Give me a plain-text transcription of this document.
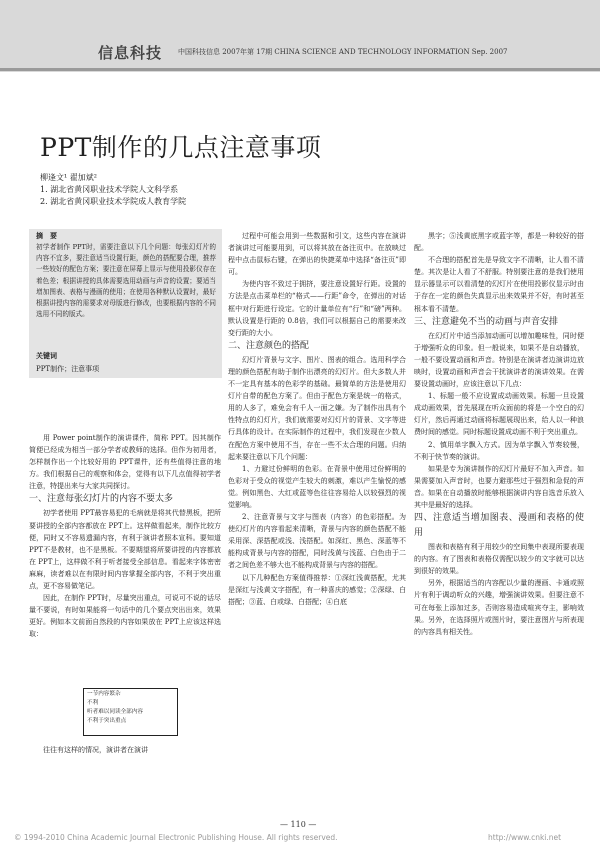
信息科技 中国科技信息 2007年第 17期 CHINA SCIENCE AND TECHNOLOGY INFORMATION Sep. 2007
PPT制作的几点注意事项
柳逢文¹ 翟加斌²
1. 湖北省黄冈职业技术学院人文科学系
2. 湖北省黄冈职业技术学院成人教育学院
摘　要
初学者制作 PPT时，需要注意以下几个问题：每张幻灯片的内容不宜多，要注意适当设置行距，颜色的搭配要合理，推荐一些较好的配色方案；要注意在屏幕上显示与使用投影仪存在着色差；根据讲授的具体需要选用动画与声音的设置；要适当增加图表、表格与漫画的使用；在使用各种默认设置时，最好根据讲授内容的需要求对母版进行修改，也要根据内容的不同选用不同的版式。
关键词
PPT制作；注意事项

用 Power point制作的演讲课件，简称 PPT。因其制作简便已经成为相当一部分学者或教师的选择。但作为初用者，怎样制作出一个比较好用的 PPT课件，还有些值得注意的地方。我们根据自己的观察和体会，觉得有以下几点值得初学者注意，特提出来与大家共同探讨。

一、注意每张幻灯片的内容不要太多

初学者使用 PPT最容易犯的毛病就是将其代替黑板，把所要讲授的全部内容都放在 PPT上。这样做看起来，制作比较方便，同时又不容易遗漏内容，有利于演讲者照本宣科。要知道 PPT不是教材，也不是黑板。不要期望将所要讲授的内容都放在 PPT上，这样做不利于听者接受全部信息。看起来字体密密麻麻，读者难以在有限时间内容掌握全部内容，不利于突出重点，更不容易做笔记。

因此，在制作 PPT时，尽量突出重点，可说可不说的话尽量不要说，有时如果能将一句话中的几个要点突出出来，效果更好。例如本文前面自然段的内容如果放在 PPT上应该这样选取：

一节内容繁杂
不利
听者难以同读全部内容
不利于突出重点

往往有这样的情况，演讲者在演讲

过程中可能会用到一些数据和引文，这些内容在演讲者演讲过可能要用到，可以将其放在备注页中。在放映过程中点击鼠标右键，在弹出的快捷菜单中选择“备注页”即可。

为使内容不致过于拥挤，要注意设置好行距。设置的方法是点击菜单栏的“格式——行距”命令，在弹出的对话框中对行距进行设定。它的计量单位有“行”和“磅”两种。默认设置是行距的 0.8倍，我们可以根据自己的需要来改变行距的大小。

二、注意颜色的搭配

幻灯片背景与文字、图片、图表的组合。选用科学合理的颜色搭配有助于制作出漂亮的幻灯片。但大多数人并不一定具有基本的色彩学的基础。最简单的方法是使用幻灯片自带的配色方案了。但由于配色方案是统一的格式，用的人多了，难免会有千人一面之嫌。为了制作出具有个性特点的幻灯片，我们就需要对幻灯片的背景、文字等进行具体的设计。在实际制作的过程中，我们发现在少数人在配色方案中使用不当，存在一些不太合理的问题。归纳起来要注意以下几个问题：

1、力避过份鲜明的色彩。在背景中使用过份鲜明的色彩对于受众的视觉产生较大的刺激，难以产生愉悦的感觉。例如黑色、大红或蓝等色往往容易给人以较强烈的视觉影响。

2、注意背景与文字与图表（内容）的色彩搭配。为使幻灯片的内容看起来清晰，背景与内容的颜色搭配不能采用深、深搭配或浅、浅搭配。如深红、黑色、深蓝等不能构成背景与内容的搭配，同时浅黄与浅蓝、白色由于二者之间色差不够大也不能构成背景与内容的搭配。

以下几种配色方案值得推荐：①深红浅黄搭配，尤其是深红与浅黄文字搭配，有一种喜庆的感觉；②深绿、白搭配；③蓝、白或绿、白搭配；④白底

黑字；⑤浅黄底黑字或蓝字等，都是一种较好的搭配。

不合理的搭配首先是导致文字不清晰，让人看不清楚。其次是让人看了不舒服。特别要注意的是我们使用显示器显示可以看清楚的幻灯片在使用投影仪显示时由于存在一定的颜色失真显示出来效果并不好，有时甚至根本看不清楚。

三、注意避免不当的动画与声音安排

在幻灯片中适当添加动画可以增加趣味性，同时便于增强听众的印象。但一般说来，如果不是自动播放，一般不要设置动画和声音。特别是在演讲者边演讲边放映时，设置动画和声音会干扰演讲者的演讲效果。在需要设置动画时，应该注意以下几点：

1、标题一般不应设置成动画效果。标题一旦设置成动画效果，首先展现在听众面前的将是一个空白的幻灯片，然后再通过动画将标题展现出来，给人以一种浪费时间的感觉。同时标题设置成动画不利于突出重点。

2、慎用单字飘入方式。因为单字飘入节奏较慢，不利于快节奏的演讲。

如果是专为演讲制作的幻灯片最好不加入声音。如果需要加入声音时，也要力避那些过于强烈和急促的声音。如果在自动播放时能够根据演讲内容自选音乐放入其中是最好的选择。

四、注意适当增加图表、漫画和表格的使用

图表和表格有利于用较少的空间集中表现所要表现的内容。有了图表和表格仅需配以较少的文字就可以达到很好的效果。

另外，根据适当的内容配以少量的漫画、卡通或照片有利于调动听众的兴趣，增强演讲效果。但要注意不可在每张上添加过多，否则容易造成喧宾夺主，影响效果。另外，在选择照片或图片时，要注意图片与所表现的内容具有相关性。

— 110 —
© 1994-2010 China Academic Journal Electronic Publishing House. All rights reserved.	http://www.cnki.net
